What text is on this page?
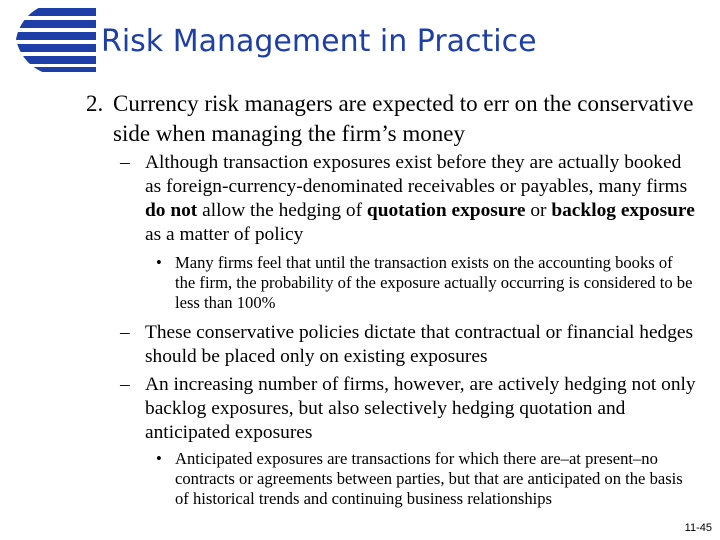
Risk Management in Practice
2. Currency risk managers are expected to err on the conservative side when managing the firm’s money
– Although transaction exposures exist before they are actually booked as foreign-currency-denominated receivables or payables, many firms do not allow the hedging of quotation exposure or backlog exposure as a matter of policy
• Many firms feel that until the transaction exists on the accounting books of the firm, the probability of the exposure actually occurring is considered to be less than 100%
– These conservative policies dictate that contractual or financial hedges should be placed only on existing exposures
– An increasing number of firms, however, are actively hedging not only backlog exposures, but also selectively hedging quotation and anticipated exposures
• Anticipated exposures are transactions for which there are–at present–no contracts or agreements between parties, but that are anticipated on the basis of historical trends and continuing business relationships
11-45
